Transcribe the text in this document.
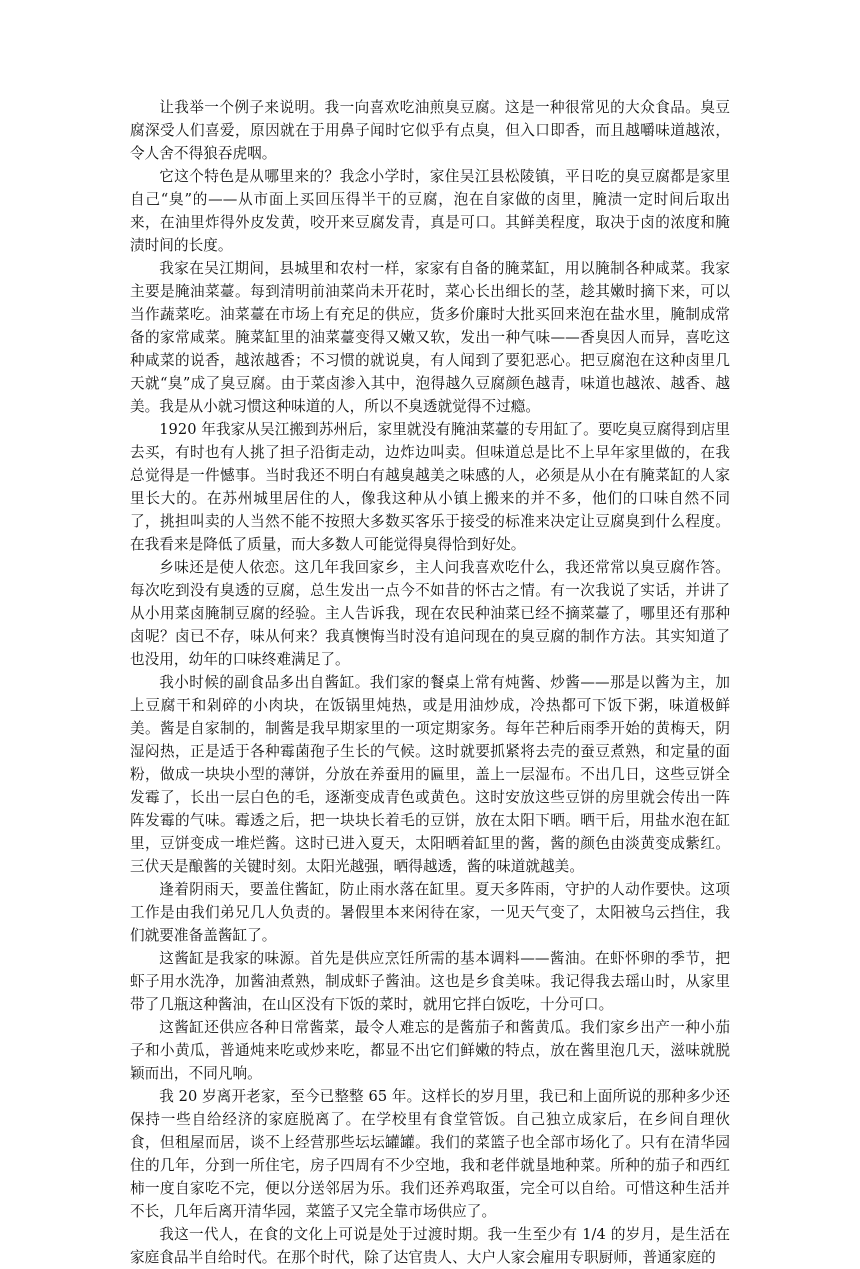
让我举一个例子来说明。我一向喜欢吃油煎臭豆腐。这是一种很常见的大众食品。臭豆腐深受人们喜爱，原因就在于用鼻子闻时它似乎有点臭，但入口即香，而且越嚼味道越浓，令人舍不得狼吞虎咽。

它这个特色是从哪里来的？我念小学时，家住吴江县松陵镇，平日吃的臭豆腐都是家里自己“臭”的——从市面上买回压得半干的豆腐，泡在自家做的卤里，腌渍一定时间后取出来，在油里炸得外皮发黄，咬开来豆腐发青，真是可口。其鲜美程度，取决于卤的浓度和腌渍时间的长度。

我家在吴江期间，县城里和农村一样，家家有自备的腌菜缸，用以腌制各种咸菜。我家主要是腌油菜薹。每到清明前油菜尚未开花时，菜心长出细长的茎，趁其嫩时摘下来，可以当作蔬菜吃。油菜薹在市场上有充足的供应，货多价廉时大批买回来泡在盐水里，腌制成常备的家常咸菜。腌菜缸里的油菜薹变得又嫩又软，发出一种气味——香臭因人而异，喜吃这种咸菜的说香，越浓越香；不习惯的就说臭，有人闻到了要犯恶心。把豆腐泡在这种卤里几天就“臭”成了臭豆腐。由于菜卤渗入其中，泡得越久豆腐颜色越青，味道也越浓、越香、越美。我是从小就习惯这种味道的人，所以不臭透就觉得不过瘾。

1920 年我家从吴江搬到苏州后，家里就没有腌油菜薹的专用缸了。要吃臭豆腐得到店里去买，有时也有人挑了担子沿街走动，边炸边叫卖。但味道总是比不上早年家里做的，在我总觉得是一件憾事。当时我还不明白有越臭越美之味感的人，必须是从小在有腌菜缸的人家里长大的。在苏州城里居住的人，像我这种从小镇上搬来的并不多，他们的口味自然不同了，挑担叫卖的人当然不能不按照大多数买客乐于接受的标准来决定让豆腐臭到什么程度。在我看来是降低了质量，而大多数人可能觉得臭得恰到好处。

乡味还是使人依恋。这几年我回家乡，主人问我喜欢吃什么，我还常常以臭豆腐作答。每次吃到没有臭透的豆腐，总生发出一点今不如昔的怀古之情。有一次我说了实话，并讲了从小用菜卤腌制豆腐的经验。主人告诉我，现在农民种油菜已经不摘菜薹了，哪里还有那种卤呢？卤已不存，味从何来？我真懊悔当时没有追问现在的臭豆腐的制作方法。其实知道了也没用，幼年的口味终难满足了。

我小时候的副食品多出自酱缸。我们家的餐桌上常有炖酱、炒酱——那是以酱为主，加上豆腐干和剁碎的小肉块，在饭锅里炖热，或是用油炒成，冷热都可下饭下粥，味道极鲜美。酱是自家制的，制酱是我早期家里的一项定期家务。每年芒种后雨季开始的黄梅天，阴湿闷热，正是适于各种霉菌孢子生长的气候。这时就要抓紧将去壳的蚕豆煮熟，和定量的面粉，做成一块块小型的薄饼，分放在养蚕用的匾里，盖上一层湿布。不出几日，这些豆饼全发霉了，长出一层白色的毛，逐渐变成青色或黄色。这时安放这些豆饼的房里就会传出一阵阵发霉的气味。霉透之后，把一块块长着毛的豆饼，放在太阳下晒。晒干后，用盐水泡在缸里，豆饼变成一堆烂酱。这时已进入夏天，太阳晒着缸里的酱，酱的颜色由淡黄变成紫红。三伏天是酿酱的关键时刻。太阳光越强，晒得越透，酱的味道就越美。

逢着阴雨天，要盖住酱缸，防止雨水落在缸里。夏天多阵雨，守护的人动作要快。这项工作是由我们弟兄几人负责的。暑假里本来闲待在家，一见天气变了，太阳被乌云挡住，我们就要准备盖酱缸了。

这酱缸是我家的味源。首先是供应烹饪所需的基本调料——酱油。在虾怀卵的季节，把虾子用水洗净，加酱油煮熟，制成虾子酱油。这也是乡食美味。我记得我去瑶山时，从家里带了几瓶这种酱油，在山区没有下饭的菜时，就用它拌白饭吃，十分可口。

这酱缸还供应各种日常酱菜，最令人难忘的是酱茄子和酱黄瓜。我们家乡出产一种小茄子和小黄瓜，普通炖来吃或炒来吃，都显不出它们鲜嫩的特点，放在酱里泡几天，滋味就脱颖而出，不同凡响。

我 20 岁离开老家，至今已整整 65 年。这样长的岁月里，我已和上面所说的那种多少还保持一些自给经济的家庭脱离了。在学校里有食堂管饭。自己独立成家后，在乡间自理伙食，但租屋而居，谈不上经营那些坛坛罐罐。我们的菜篮子也全部市场化了。只有在清华园住的几年，分到一所住宅，房子四周有不少空地，我和老伴就垦地种菜。所种的茄子和西红柿一度自家吃不完，便以分送邻居为乐。我们还养鸡取蛋，完全可以自给。可惜这种生活并不长，几年后离开清华园，菜篮子又完全靠市场供应了。

我这一代人，在食的文化上可说是处于过渡时期。我一生至少有 1/4 的岁月，是生活在家庭食品半自给时代。在那个时代，除了达官贵人、大户人家会雇用专职厨师，普通家庭的
